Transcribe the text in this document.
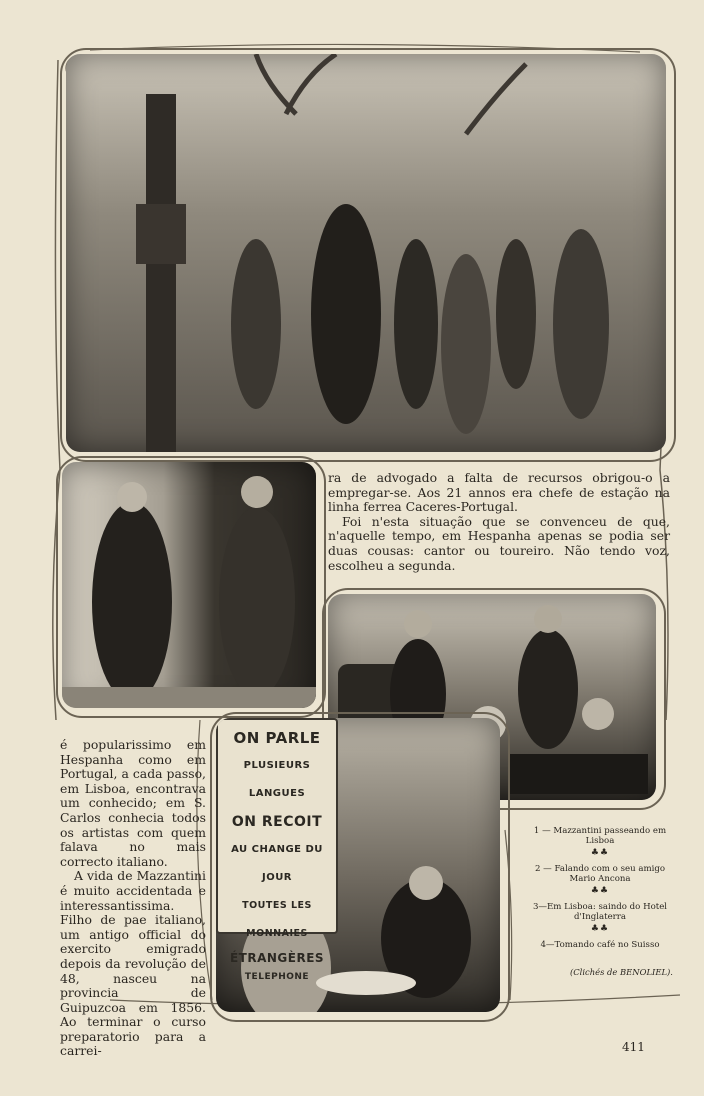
ra de advogado a falta de recursos obrigou-o a empregar-se. Aos 21 annos era chefe de estação na linha ferrea Caceres-Portugal.

Foi n'esta situação que se convenceu de que, n'aquelle tempo, em Hespanha apenas se podia ser duas cousas: cantor ou toureiro. Não tendo voz, escolheu a segunda.

é popularissimo em Hespanha como em Portugal, a cada passo, em Lisboa, encontrava um conhecido; em S. Carlos conhecia todos os artistas com quem falava no mais correcto italiano.

A vida de Mazzantini é muito accidentada e interessantissima. Filho de pae italiano, um antigo official do exercito emigrado depois da revolução de 48, nasceu na provincia de Guipuzcoa em 1856. Ao terminar o curso preparatorio para a carrei-

ON PARLE
PLUSIEURS LANGUES
ON RECOIT
AU CHANGE DU JOUR
TOUTES LES MONNAIES
ÉTRANGÈRES
TELEPHONE
1 — Mazzantini passeando em Lisboa
♣♣
2 — Falando com o seu amigo Mario Ancona
♣♣
3—Em Lisboa: saindo do Hotel d'Inglaterra
♣♣
4—Tomando café no Suisso
(Clichés de BENOLIEL).
411
